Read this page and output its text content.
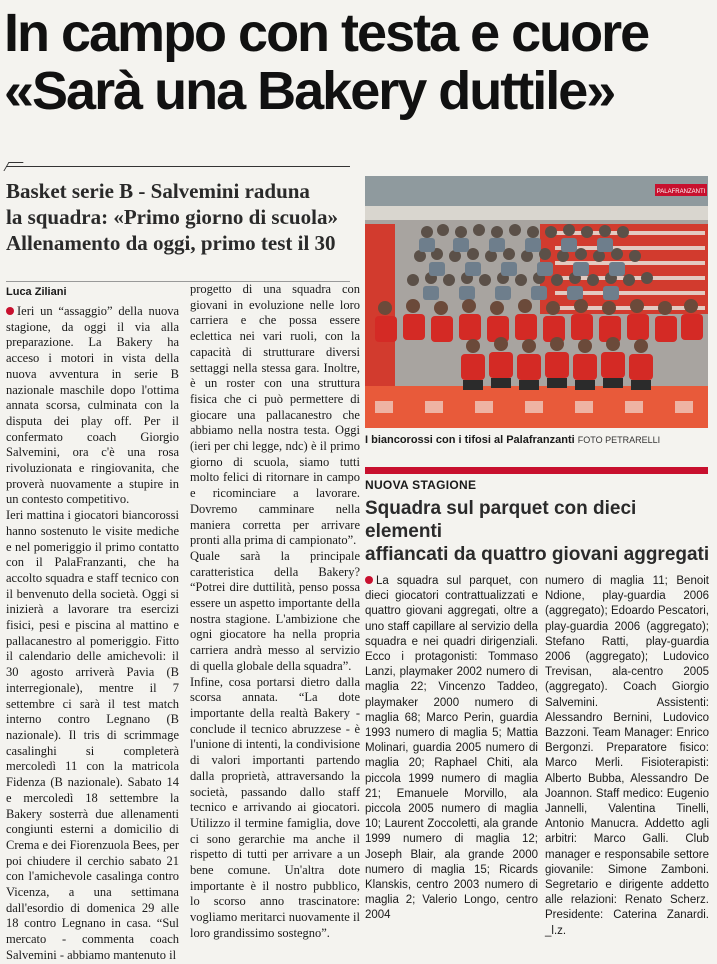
In campo con testa e cuore
«Sarà una Bakery duttile»
Basket serie B - Salvemini raduna
la squadra: «Primo giorno di scuola»
Allenamento da oggi, primo test il 30
Luca Ziliani

Ieri un “assaggio” della nuova stagione, da oggi il via alla preparazione. La Bakery ha acceso i motori in vista della nuova avventura in serie B nazionale maschile dopo l'ottima annata scorsa, culminata con la disputa dei play off. Per il confermato coach Giorgio Salvemini, ora c'è una rosa rivoluzionata e ringiovanita, che proverà nuovamente a stupire in un contesto competitivo.

Ieri mattina i giocatori biancorossi hanno sostenuto le visite mediche e nel pomeriggio il primo contatto con il PalaFranzanti, che ha accolto squadra e staff tecnico con il benvenuto della società. Oggi si inizierà a lavorare tra esercizi fisici, pesi e piscina al mattino e pallacanestro al pomeriggio. Fitto il calendario delle amichevoli: il 30 agosto arriverà Pavia (B interregionale), mentre il 7 settembre ci sarà il test match interno contro Legnano (B nazionale). Il tris di scrimmage casalinghi si completerà mercoledì 11 con la matricola Fidenza (B nazionale). Sabato 14 e mercoledì 18 settembre la Bakery sosterrà due allenamenti congiunti esterni a domicilio di Crema e dei Fiorenzuola Bees, per poi chiudere il cerchio sabato 21 con l'amichevole casalinga contro Vicenza, a una settimana dall'esordio di domenica 29 alle 18 contro Legnano in casa. “Sul mercato - commenta coach Salvemini - abbiamo mantenuto il

progetto di una squadra con giovani in evoluzione nelle loro carriera e che possa essere eclettica nei vari ruoli, con la capacità di strutturare diversi settaggi nella stessa gara. Inoltre, è un roster con una struttura fisica che ci può permettere di giocare una pallacanestro che abbiamo nella nostra testa. Oggi (ieri per chi legge, ndc) è il primo giorno di scuola, siamo tutti molto felici di ritornare in campo e ricominciare a lavorare. Dovremo camminare nella maniera corretta per arrivare pronti alla prima di campionato”.

Quale sarà la principale caratteristica della Bakery? “Potrei dire duttilità, penso possa essere un aspetto importante della nostra stagione. L'ambizione che ogni giocatore ha nella propria carriera andrà messo al servizio di quella globale della squadra”.

Infine, cosa portarsi dietro dalla scorsa annata. “La dote importante della realtà Bakery - conclude il tecnico abruzzese - è l'unione di intenti, la condivisione di valori importanti partendo dalla proprietà, attraversando la società, passando dallo staff tecnico e arrivando ai giocatori. Utilizzo il termine famiglia, dove ci sono gerarchie ma anche il rispetto di tutti per arrivare a un bene comune. Un'altra dote importante è il nostro pubblico, lo scorso anno trascinatore: vogliamo meritarci nuovamente il loro grandissimo sostegno”.

PALAFRANZANTI
I biancorossi con i tifosi al Palafranzanti FOTO PETRARELLI
NUOVA STAGIONE
Squadra sul parquet con dieci elementi
affiancati da quattro giovani aggregati

La squadra sul parquet, con dieci giocatori contrattualizzati e quattro giovani aggregati, oltre a uno staff capillare al servizio della squadra e nei quadri dirigenziali. Ecco i protagonisti: Tommaso Lanzi, playmaker 2002 numero di maglia 22; Vincenzo Taddeo, playmaker 2000 numero di maglia 68; Marco Perin, guardia 1993 numero di maglia 5; Mattia Molinari, guardia 2005 numero di maglia 20; Raphael Chiti, ala piccola 1999 numero di maglia 21; Emanuele Morvillo, ala piccola 2005 numero di maglia 10; Laurent Zoccoletti, ala grande 1999 numero di maglia 12; Joseph Blair, ala grande 2000 numero di maglia 15; Ricards Klanskis, centro 2003 numero di maglia 2; Valerio Longo, centro 2004

numero di maglia 11; Benoit Ndione, play-guardia 2006 (aggregato); Edoardo Pescatori, play-guardia 2006 (aggregato); Stefano Ratti, play-guardia 2006 (aggregato); Ludovico Trevisan, ala-centro 2005 (aggregato). Coach Giorgio Salvemini. Assistenti: Alessandro Bernini, Ludovico Bazzoni. Team Manager: Enrico Bergonzi. Preparatore fisico: Marco Merli. Fisioterapisti: Alberto Bubba, Alessandro De Joannon. Staff medico: Eugenio Jannelli, Valentina Tinelli, Antonio Manucra. Addetto agli arbitri: Marco Galli. Club manager e responsabile settore giovanile: Simone Zamboni. Segretario e dirigente addetto alle relazioni: Renato Scherz. Presidente: Caterina Zanardi. _l.z.
